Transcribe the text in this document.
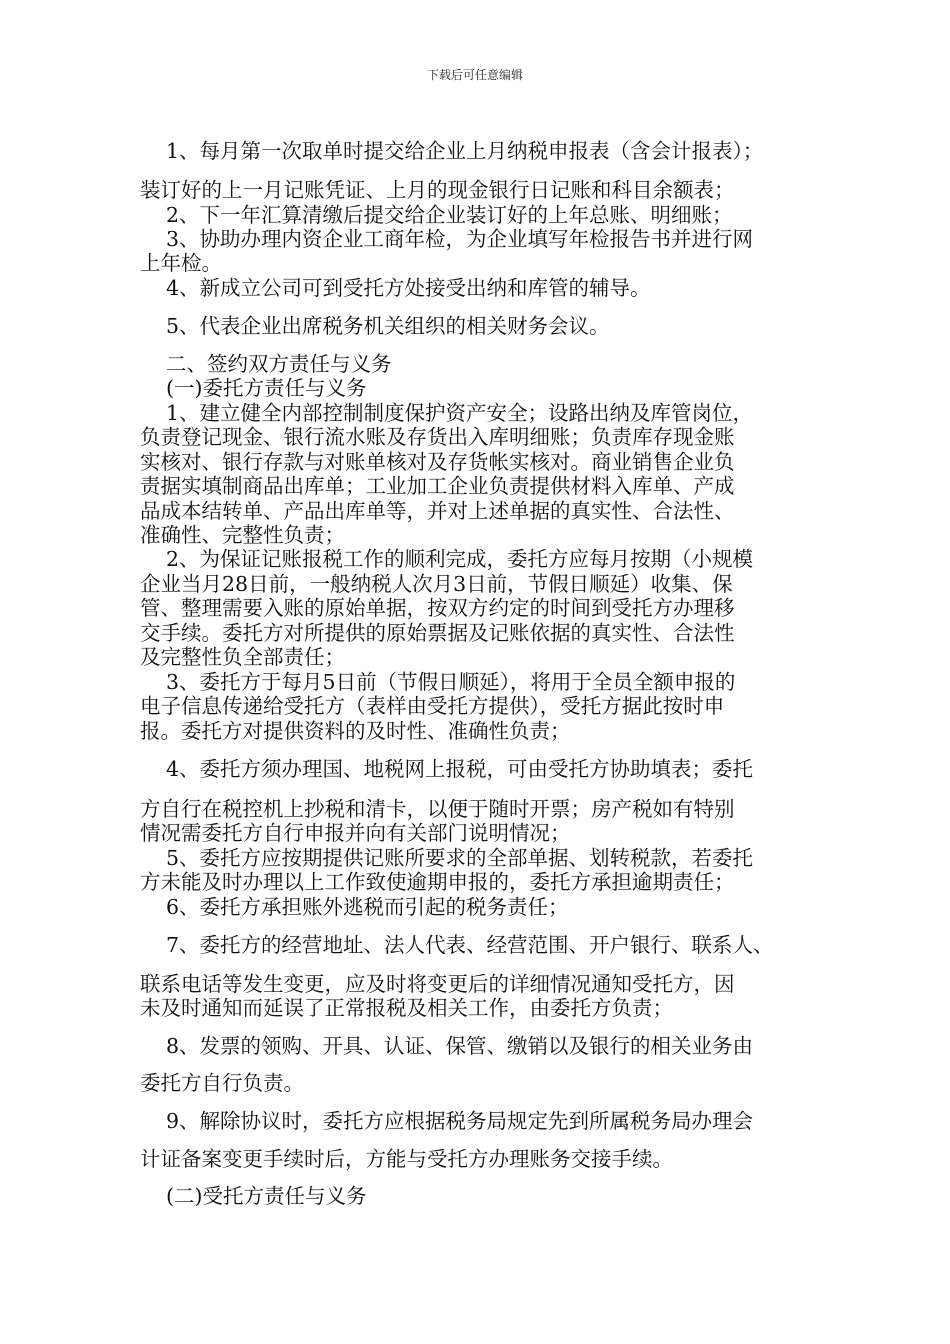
下载后可任意编辑
1、每月第一次取单时提交给企业上月纳税申报表（含会计报表）；
装订好的上一月记账凭证、上月的现金银行日记账和科目余额表；
2、下一年汇算清缴后提交给企业装订好的上年总账、明细账；
3、协助办理内资企业工商年检，为企业填写年检报告书并进行网
上年检。
4、新成立公司可到受托方处接受出纳和库管的辅导。
5、代表企业出席税务机关组织的相关财务会议。
二、签约双方责任与义务
(一)委托方责任与义务
1、建立健全内部控制制度保护资产安全；设路出纳及库管岗位，
负责登记现金、银行流水账及存货出入库明细账；负责库存现金账
实核对、银行存款与对账单核对及存货帐实核对。商业销售企业负
责据实填制商品出库单；工业加工企业负责提供材料入库单、产成
品成本结转单、产品出库单等，并对上述单据的真实性、合法性、
准确性、完整性负责；
2、为保证记账报税工作的顺利完成，委托方应每月按期（小规模
企业当月28日前，一般纳税人次月3日前，节假日顺延）收集、保
管、整理需要入账的原始单据，按双方约定的时间到受托方办理移
交手续。委托方对所提供的原始票据及记账依据的真实性、合法性
及完整性负全部责任；
3、委托方于每月5日前（节假日顺延），将用于全员全额申报的
电子信息传递给受托方（表样由受托方提供），受托方据此按时申
报。委托方对提供资料的及时性、准确性负责；
4、委托方须办理国、地税网上报税，可由受托方协助填表；委托
方自行在税控机上抄税和清卡，以便于随时开票；房产税如有特别
情况需委托方自行申报并向有关部门说明情况；
5、委托方应按期提供记账所要求的全部单据、划转税款，若委托
方未能及时办理以上工作致使逾期申报的，委托方承担逾期责任；
6、委托方承担账外逃税而引起的税务责任；
7、委托方的经营地址、法人代表、经营范围、开户银行、联系人、
联系电话等发生变更，应及时将变更后的详细情况通知受托方，因
未及时通知而延误了正常报税及相关工作，由委托方负责；
8、发票的领购、开具、认证、保管、缴销以及银行的相关业务由
委托方自行负责。
9、解除协议时，委托方应根据税务局规定先到所属税务局办理会
计证备案变更手续时后，方能与受托方办理账务交接手续。
(二)受托方责任与义务
